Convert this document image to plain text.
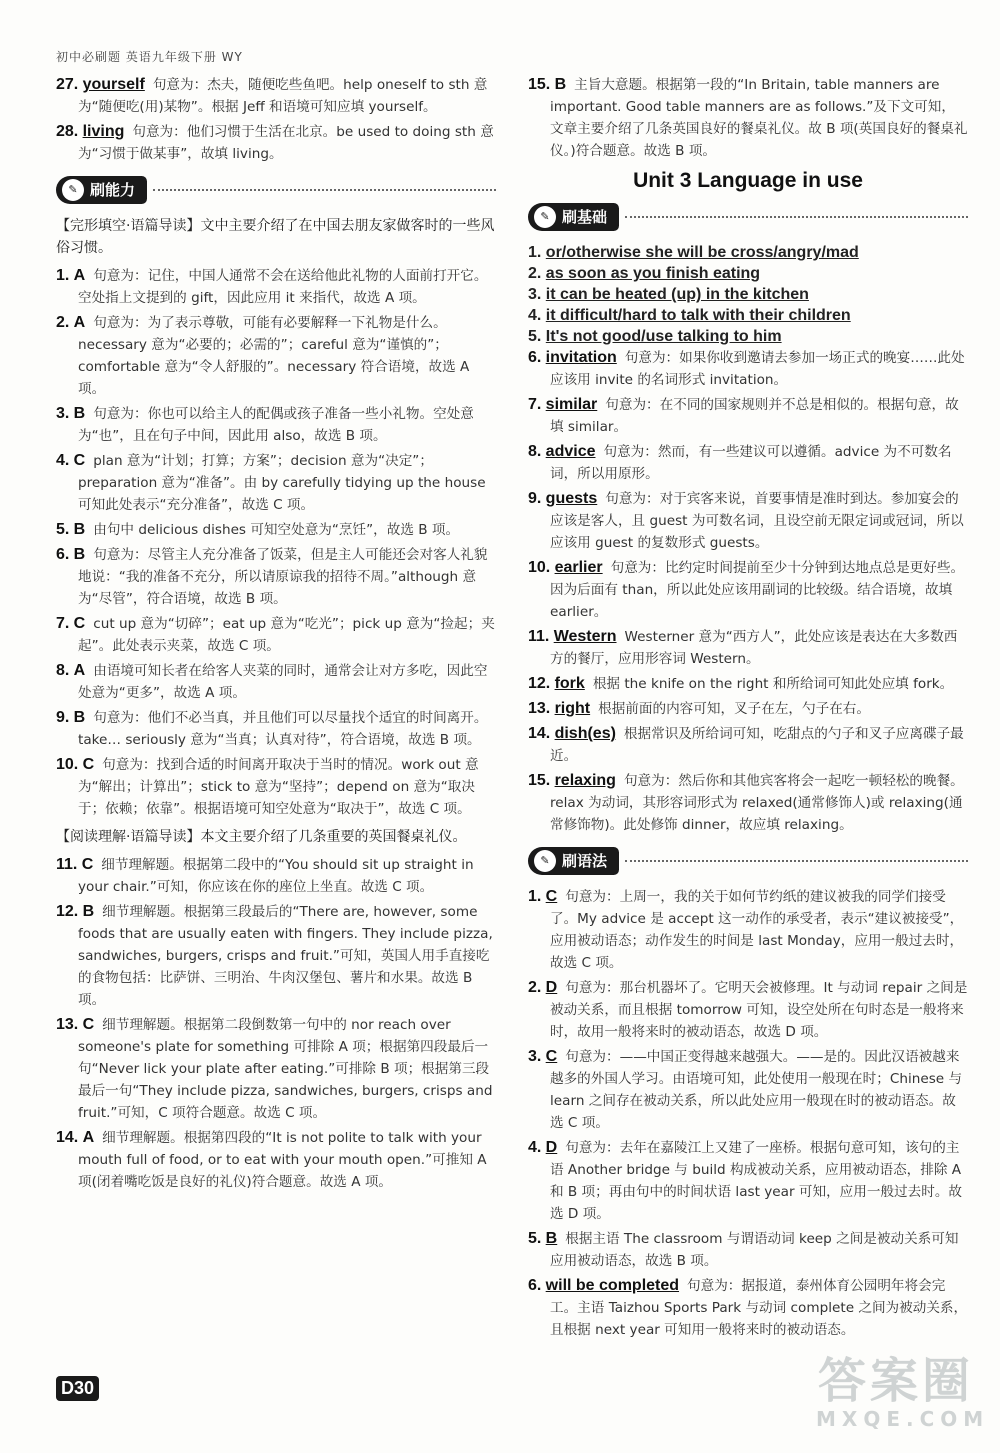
初中必刷题 英语九年级下册 WY
27. yourself 句意为：杰夫，随便吃些鱼吧。help oneself to sth 意为“随便吃(用)某物”。根据 Jeff 和语境可知应填 yourself。
28. living 句意为：他们习惯于生活在北京。be used to doing sth 意为“习惯于做某事”，故填 living。
✎ 刷能力
【完形填空·语篇导读】文中主要介绍了在中国去朋友家做客时的一些风俗习惯。
1. A 句意为：记住，中国人通常不会在送给他此礼物的人面前打开它。空处指上文提到的 gift，因此应用 it 来指代，故选 A 项。
2. A 句意为：为了表示尊敬，可能有必要解释一下礼物是什么。necessary 意为“必要的；必需的”；careful 意为“谨慎的”；comfortable 意为“令人舒服的”。necessary 符合语境，故选 A 项。
3. B 句意为：你也可以给主人的配偶或孩子准备一些小礼物。空处意为“也”，且在句子中间，因此用 also，故选 B 项。
4. C plan 意为“计划；打算；方案”；decision 意为“决定”；preparation 意为“准备”。由 by carefully tidying up the house 可知此处表示“充分准备”，故选 C 项。
5. B 由句中 delicious dishes 可知空处意为“烹饪”，故选 B 项。
6. B 句意为：尽管主人充分准备了饭菜，但是主人可能还会对客人礼貌地说：“我的准备不充分，所以请原谅我的招待不周。”although 意为“尽管”，符合语境，故选 B 项。
7. C cut up 意为“切碎”；eat up 意为“吃光”；pick up 意为“捡起；夹起”。此处表示夹菜，故选 C 项。
8. A 由语境可知长者在给客人夹菜的同时，通常会让对方多吃，因此空处意为“更多”，故选 A 项。
9. B 句意为：他们不必当真，并且他们可以尽量找个适宜的时间离开。take… seriously 意为“当真；认真对待”，符合语境，故选 B 项。
10. C 句意为：找到合适的时间离开取决于当时的情况。work out 意为“解出；计算出”；stick to 意为“坚持”；depend on 意为“取决于；依赖；依靠”。根据语境可知空处意为“取决于”，故选 C 项。
【阅读理解·语篇导读】本文主要介绍了几条重要的英国餐桌礼仪。
11. C 细节理解题。根据第二段中的“You should sit up straight in your chair.”可知，你应该在你的座位上坐直。故选 C 项。
12. B 细节理解题。根据第三段最后的“There are, however, some foods that are usually eaten with fingers. They include pizza, sandwiches, burgers, crisps and fruit.”可知，英国人用手直接吃的食物包括：比萨饼、三明治、牛肉汉堡包、薯片和水果。故选 B 项。
13. C 细节理解题。根据第二段倒数第一句中的 nor reach over someone's plate for something 可排除 A 项；根据第四段最后一句“Never lick your plate after eating.”可排除 B 项；根据第三段最后一句“They include pizza, sandwiches, burgers, crisps and fruit.”可知，C 项符合题意。故选 C 项。
14. A 细节理解题。根据第四段的“It is not polite to talk with your mouth full of food, or to eat with your mouth open.”可推知 A 项(闭着嘴吃饭是良好的礼仪)符合题意。故选 A 项。
15. B 主旨大意题。根据第一段的“In Britain, table manners are important. Good table manners are as follows.”及下文可知，文章主要介绍了几条英国良好的餐桌礼仪。故 B 项(英国良好的餐桌礼仪。)符合题意。故选 B 项。
Unit 3 Language in use
✎ 刷基础
1. or/otherwise she will be cross/angry/mad
2. as soon as you finish eating
3. it can be heated (up) in the kitchen
4. it difficult/hard to talk with their children
5. It's not good/use talking to him
6. invitation 句意为：如果你收到邀请去参加一场正式的晚宴……此处应该用 invite 的名词形式 invitation。
7. similar 句意为：在不同的国家规则并不总是相似的。根据句意，故填 similar。
8. advice 句意为：然而，有一些建议可以遵循。advice 为不可数名词，所以用原形。
9. guests 句意为：对于宾客来说，首要事情是准时到达。参加宴会的应该是客人，且 guest 为可数名词，且设空前无限定词或冠词，所以应该用 guest 的复数形式 guests。
10. earlier 句意为：比约定时间提前至少十分钟到达地点总是更好些。因为后面有 than，所以此处应该用副词的比较级。结合语境，故填 earlier。
11. Western Westerner 意为“西方人”，此处应该是表达在大多数西方的餐厅，应用形容词 Western。
12. fork 根据 the knife on the right 和所给词可知此处应填 fork。
13. right 根据前面的内容可知，叉子在左，勺子在右。
14. dish(es) 根据常识及所给词可知，吃甜点的勺子和叉子应离碟子最近。
15. relaxing 句意为：然后你和其他宾客将会一起吃一顿轻松的晚餐。relax 为动词，其形容词形式为 relaxed(通常修饰人)或 relaxing(通常修饰物)。此处修饰 dinner，故应填 relaxing。
✎ 刷语法
1. C 句意为：上周一，我的关于如何节约纸的建议被我的同学们接受了。My advice 是 accept 这一动作的承受者，表示“建议被接受”，应用被动语态；动作发生的时间是 last Monday，应用一般过去时，故选 C 项。
2. D 句意为：那台机器坏了。它明天会被修理。It 与动词 repair 之间是被动关系，而且根据 tomorrow 可知，设空处所在句时态是一般将来时，故用一般将来时的被动语态，故选 D 项。
3. C 句意为：——中国正变得越来越强大。——是的。因此汉语被越来越多的外国人学习。由语境可知，此处使用一般现在时；Chinese 与 learn 之间存在被动关系，所以此处应用一般现在时的被动语态。故选 C 项。
4. D 句意为：去年在嘉陵江上又建了一座桥。根据句意可知，该句的主语 Another bridge 与 build 构成被动关系，应用被动语态，排除 A 和 B 项；再由句中的时间状语 last year 可知，应用一般过去时。故选 D 项。
5. B 根据主语 The classroom 与谓语动词 keep 之间是被动关系可知应用被动语态，故选 B 项。
6. will be completed 句意为：据报道，泰州体育公园明年将会完工。主语 Taizhou Sports Park 与动词 complete 之间为被动关系，且根据 next year 可知用一般将来时的被动语态。
D30	答案圈
MXQE.COM
